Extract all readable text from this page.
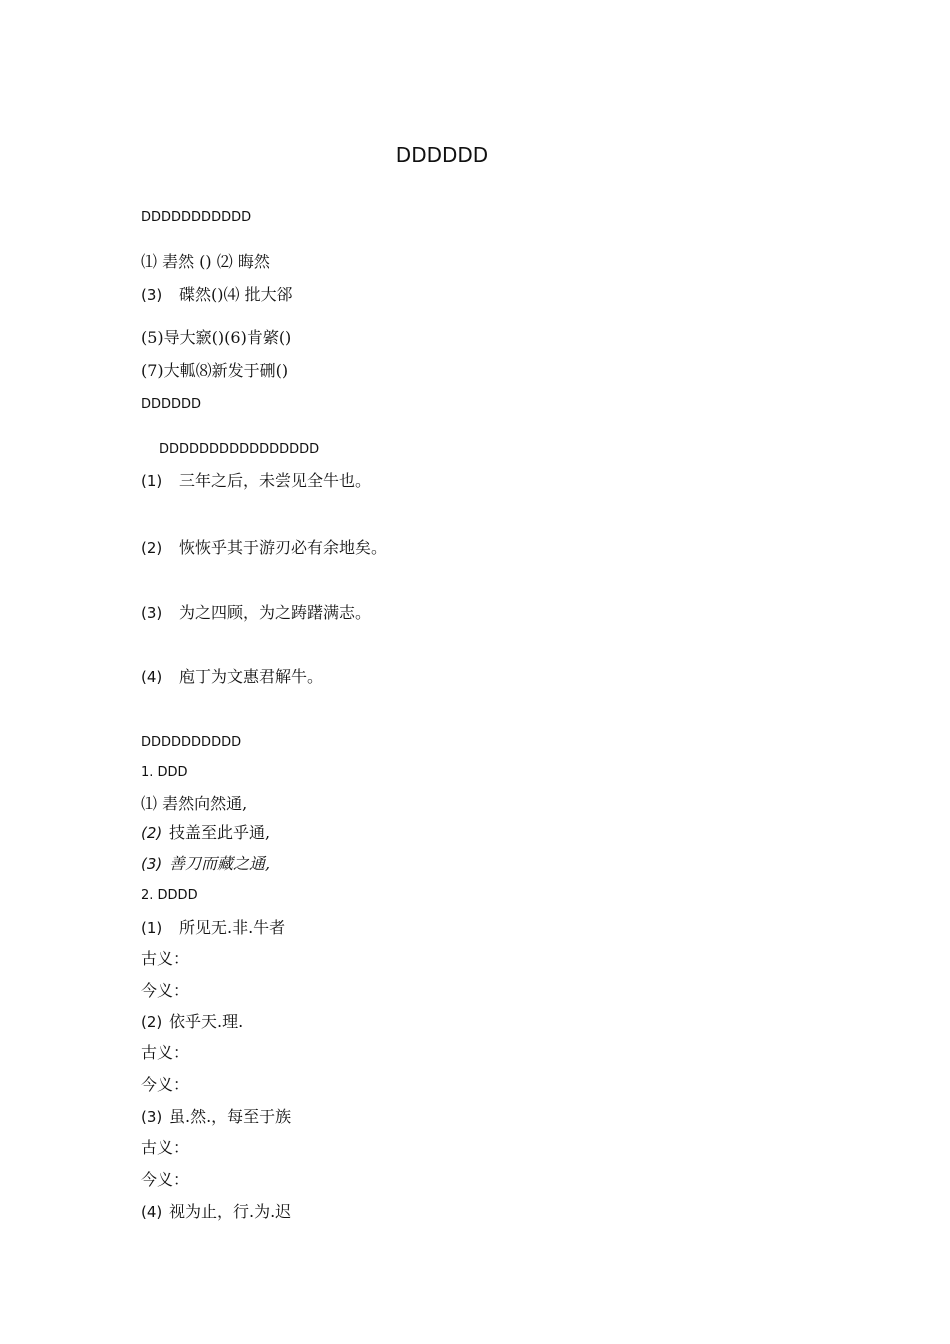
DDDDDD
DDDDDDDDDDD
⑴ 砉然 () ⑵ 晦然
(3) 碟然()⑷ 批大郤
(5)导大窾()(6)肯綮()
(7)大軱⑻新发于硎()
DDDDDD
DDDDDDDDDDDDDDDD
(1) 三年之后，未尝见全牛也。
(2) 恢恢乎其于游刃必有余地矣。
(3) 为之四顾，为之踌躇满志。
(4) 庖丁为文惠君解牛。
DDDDDDDDDD
1. DDD
⑴ 砉然向然通,
(2) 技盖至此乎通,
(3) 善刀而藏之通,
2. DDDD
(1) 所见无.非.牛者
古义：
今义：
(2) 依乎天.理.
古义：
今义：
(3) 虽.然.，每至于族
古义：
今义：
(4) 视为止，行.为.迟
